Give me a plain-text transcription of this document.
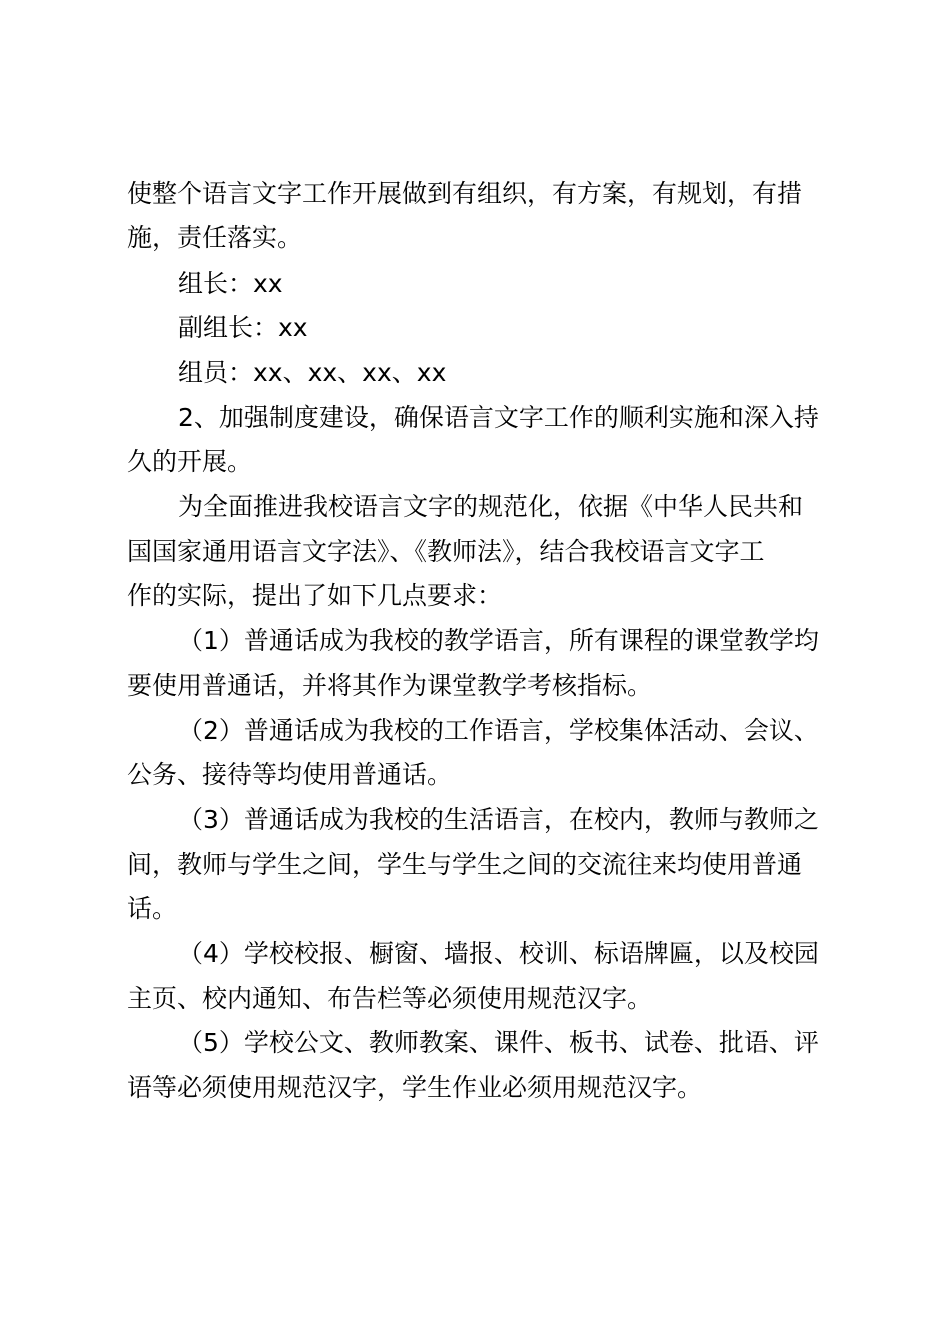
使整个语言文字工作开展做到有组织，有方案，有规划，有措
施，责任落实。
组长：xx
副组长：xx
组员：xx、xx、xx、xx
2、加强制度建设，确保语言文字工作的顺利实施和深入持
久的开展。
为全面推进我校语言文字的规范化，依据《中华人民共和
国国家通用语言文字法》、《教师法》，结合我校语言文字工
作的实际，提出了如下几点要求：
（1）普通话成为我校的教学语言，所有课程的课堂教学均
要使用普通话，并将其作为课堂教学考核指标。
（2）普通话成为我校的工作语言，学校集体活动、会议、
公务、接待等均使用普通话。
（3）普通话成为我校的生活语言，在校内，教师与教师之
间，教师与学生之间，学生与学生之间的交流往来均使用普通
话。
（4）学校校报、橱窗、墙报、校训、标语牌匾，以及校园
主页、校内通知、布告栏等必须使用规范汉字。
（5）学校公文、教师教案、课件、板书、试卷、批语、评
语等必须使用规范汉字，学生作业必须用规范汉字。
